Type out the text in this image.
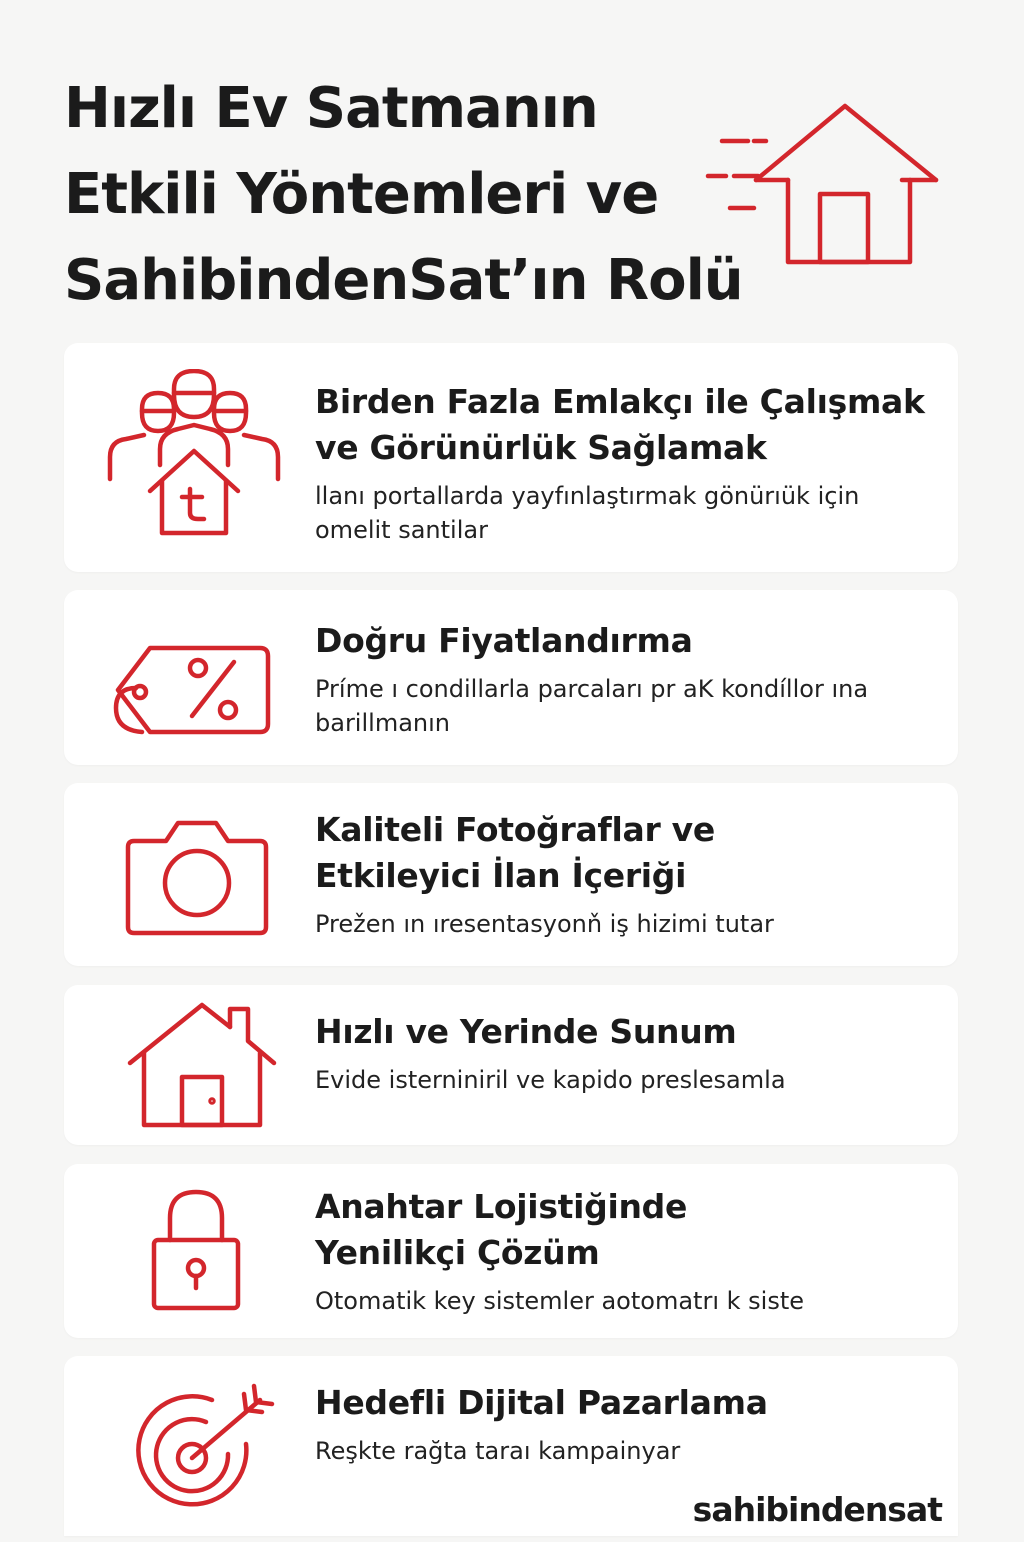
Hızlı Ev Satmanın
Etkili Yöntemleri ve
SahibindenSat’ın Rolü
Birden Fazla Emlakçı ile Çalışmak
ve Görünürlük Sağlamak

llanı portallarda yayfınlaştırmak gönürıük için omelit santilar

Doğru Fiyatlandırma

Príme ı condillarla parcaları pr aK kondíllor ına barillmanın

Kaliteli Fotoğraflar ve
Etkileyici İlan İçeriği

Prežen ın ıresentasyonň iş hizimi tutar

Hızlı ve Yerinde Sunum

Evide isterninir‌il ve kapido preslesamla

Anahtar Lojistiğinde
Yenilikçi Çözüm

Otomatik key sistemler aotomatrı k siste

Hedefli Dijital Pazarlama

Reşkte rağta taraı kampainyar

sahibindensat
